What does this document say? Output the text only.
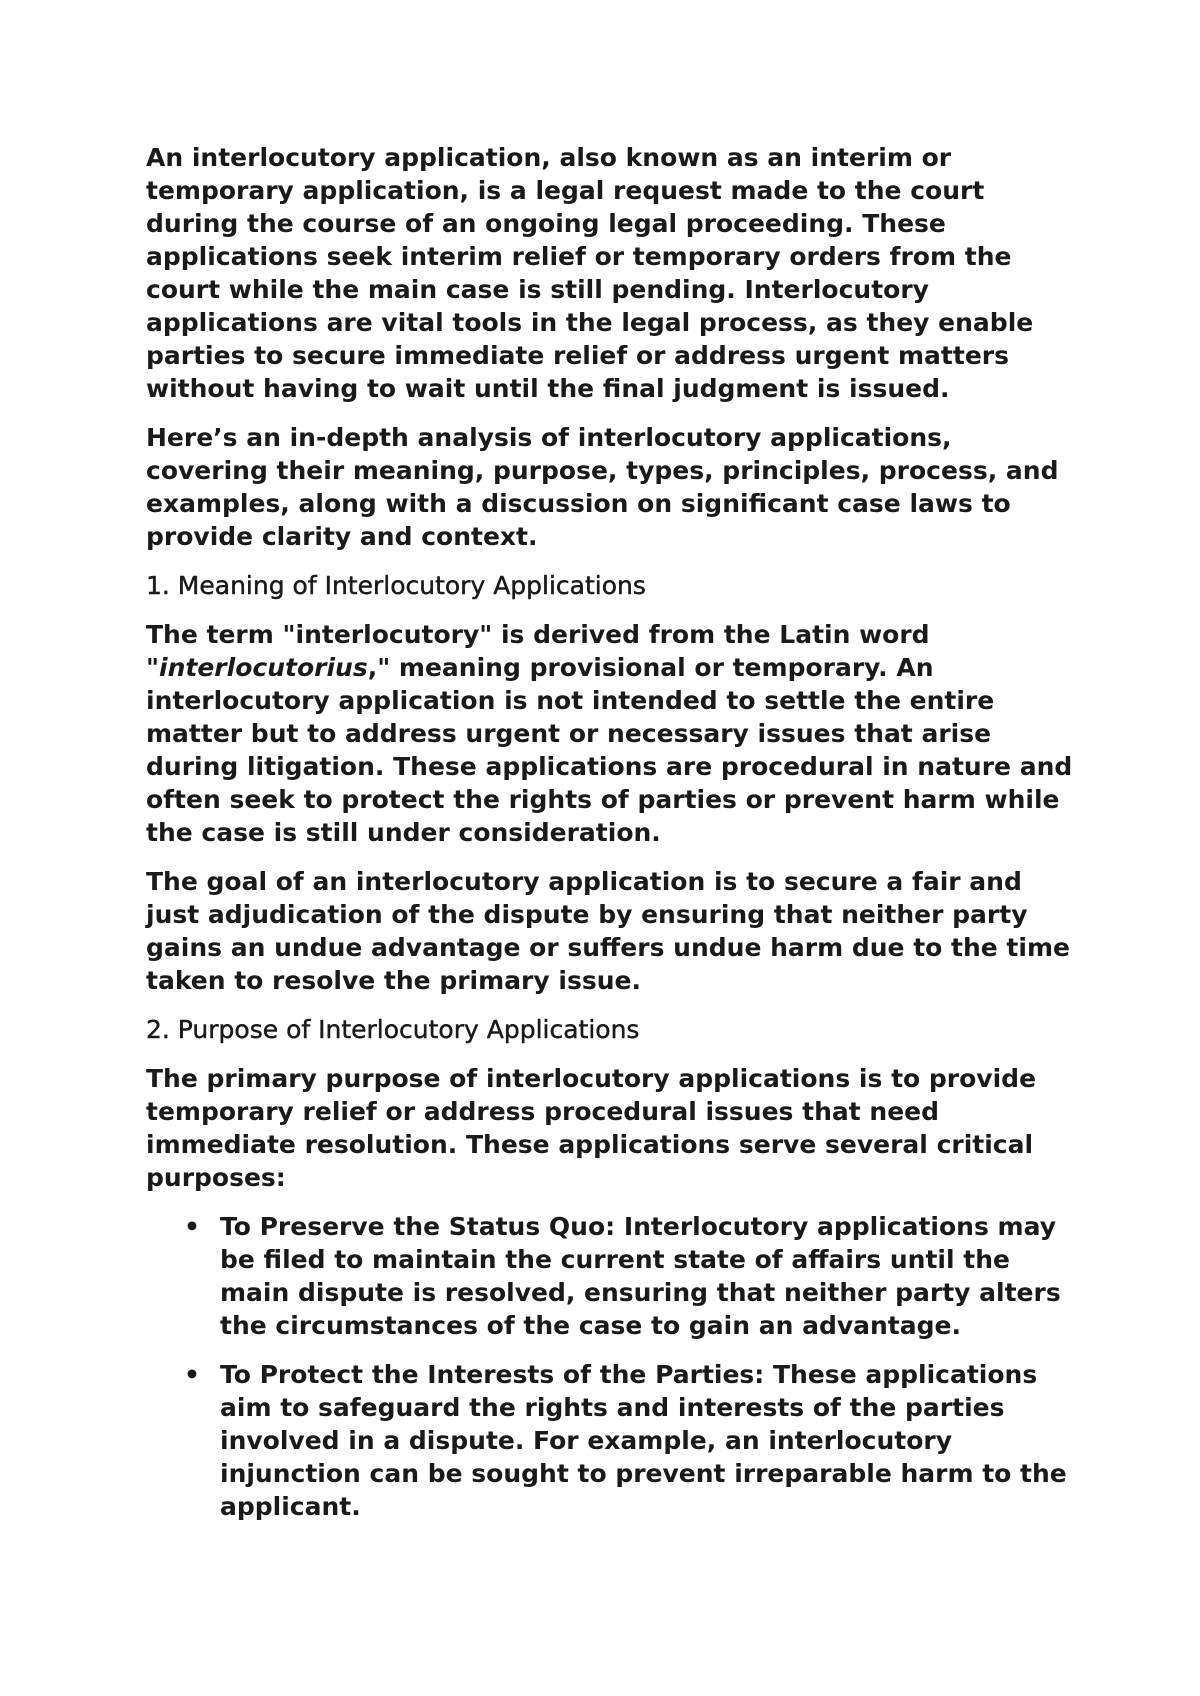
An interlocutory application, also known as an interim or temporary application, is a legal request made to the court during the course of an ongoing legal proceeding. These applications seek interim relief or temporary orders from the court while the main case is still pending. Interlocutory applications are vital tools in the legal process, as they enable parties to secure immediate relief or address urgent matters without having to wait until the final judgment is issued.

Here’s an in-depth analysis of interlocutory applications, covering their meaning, purpose, types, principles, process, and examples, along with a discussion on significant case laws to provide clarity and context.

1. Meaning of Interlocutory Applications

The term "interlocutory" is derived from the Latin word "interlocutorius," meaning provisional or temporary. An interlocutory application is not intended to settle the entire matter but to address urgent or necessary issues that arise during litigation. These applications are procedural in nature and often seek to protect the rights of parties or prevent harm while the case is still under consideration.

The goal of an interlocutory application is to secure a fair and just adjudication of the dispute by ensuring that neither party gains an undue advantage or suffers undue harm due to the time taken to resolve the primary issue.

2. Purpose of Interlocutory Applications

The primary purpose of interlocutory applications is to provide temporary relief or address procedural issues that need immediate resolution. These applications serve several critical purposes:

• To Preserve the Status Quo: Interlocutory applications may be filed to maintain the current state of affairs until the main dispute is resolved, ensuring that neither party alters the circumstances of the case to gain an advantage.
• To Protect the Interests of the Parties: These applications aim to safeguard the rights and interests of the parties involved in a dispute. For example, an interlocutory injunction can be sought to prevent irreparable harm to the applicant.
